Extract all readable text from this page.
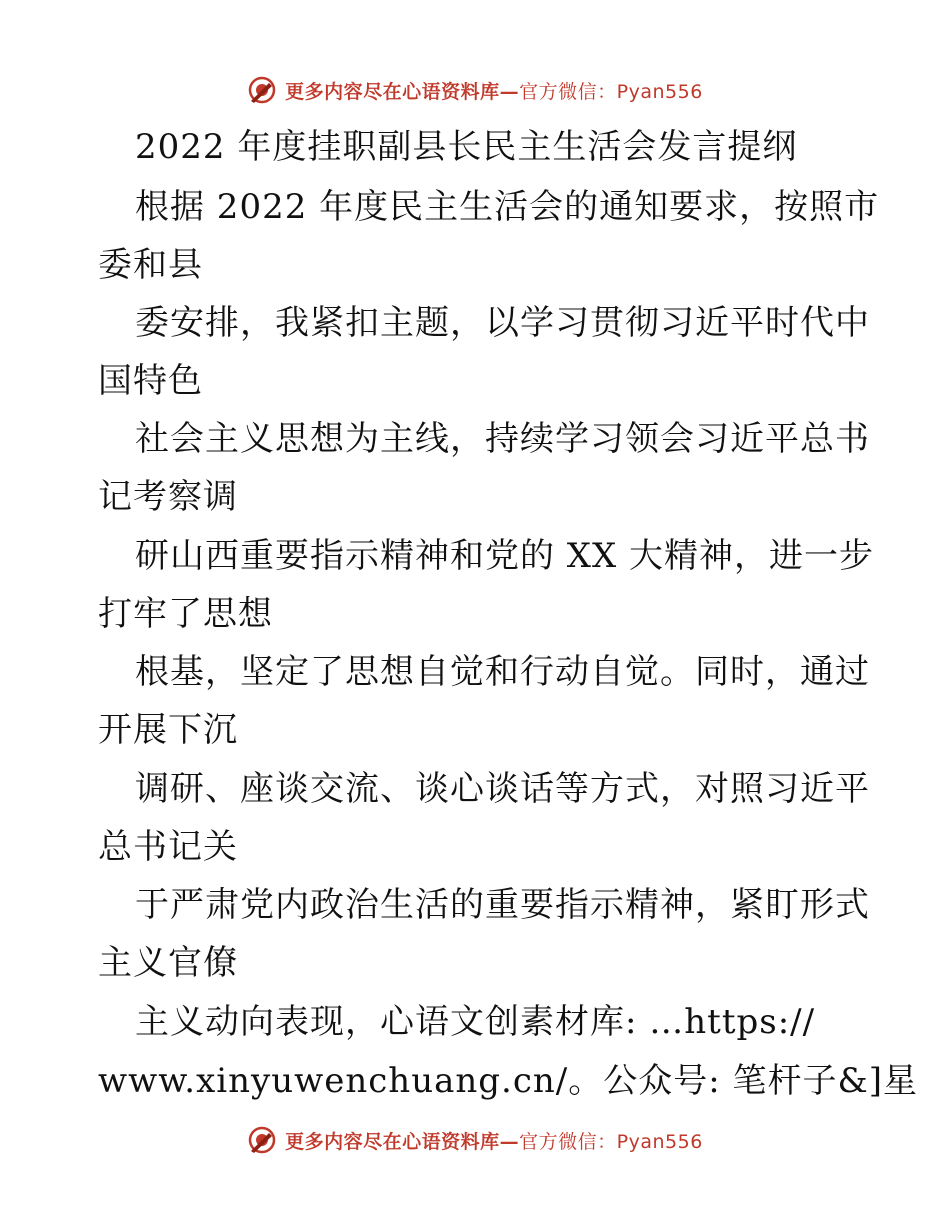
更多内容尽在心语资料库—官方微信：Pyan556
2022 年度挂职副县长民主生活会发言提纲
根据 2022 年度民主生活会的通知要求，按照市
委和县
委安排，我紧扣主题，以学习贯彻习近平时代中
国特色
社会主义思想为主线，持续学习领会习近平总书
记考察调
研山西重要指示精神和党的 XX 大精神，进一步
打牢了思想
根基，坚定了思想自觉和行动自觉。同时，通过
开展下沉
调研、座谈交流、谈心谈话等方式，对照习近平
总书记关
于严肃党内政治生活的重要指示精神，紧盯形式
主义官僚
主义动向表现，心语文创素材库: …https://
www.xinyuwenchuang.cn/。公众号: 笔杆子&]星
更多内容尽在心语资料库—官方微信：Pyan556
